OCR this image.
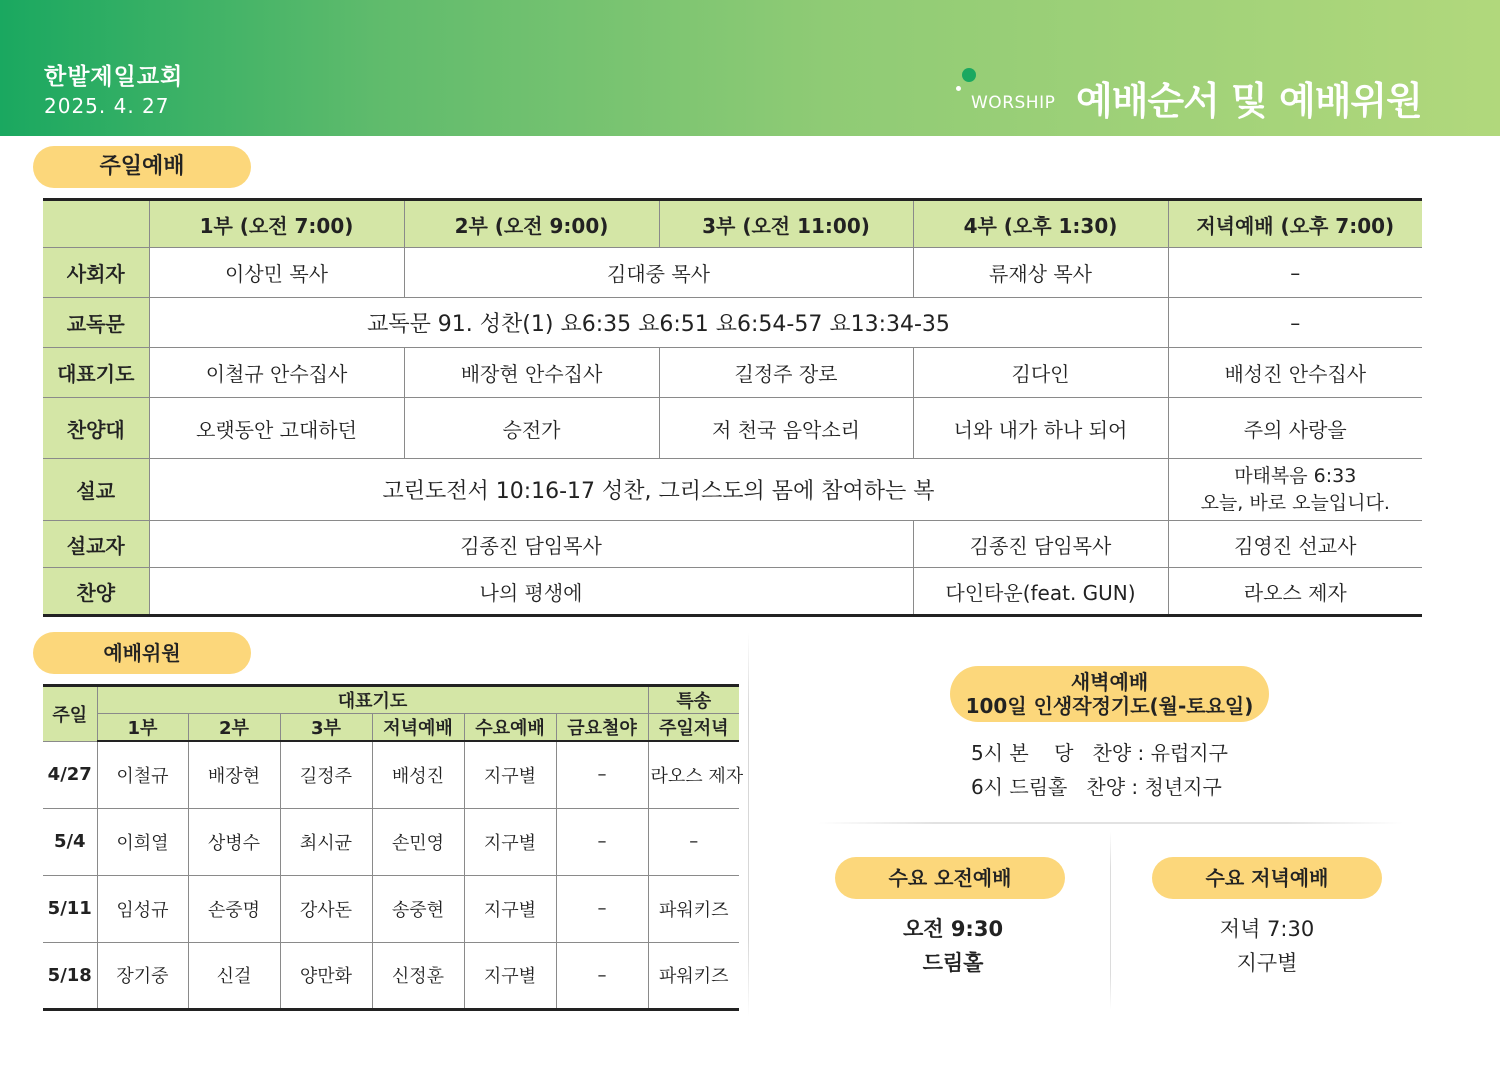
한밭제일교회
2025. 4. 27	WORSHIP 예배순서 및 예배위원
주일예배
	1부 (오전 7:00)	2부 (오전 9:00)	3부 (오전 11:00)	4부 (오후 1:30)	저녁예배 (오후 7:00)
사회자	이상민 목사	김대중 목사		류재상 목사	–
교독문	교독문 91. 성찬(1) 요6:35 요6:51 요6:54-57 요13:34-35				–
대표기도	이철규 안수집사	배장현 안수집사	길정주 장로	김다인	배성진 안수집사
찬양대	오랫동안 고대하던	승전가	저 천국 음악소리	너와 내가 하나 되어	주의 사랑을
설교	고린도전서 10:16-17 성찬, 그리스도의 몸에 참여하는 복				마태복음 6:33
오늘, 바로 오늘입니다.

설교자	김종진 담임목사			김종진 담임목사	김영진 선교사
찬양	나의 평생에			다인타운(feat. GUN)	라오스 제자
예배위원
주일	대표기도						특송
	1부	2부	3부	저녁예배	수요예배	금요철야	주일저녁
4/27	이철규	배장현	길정주	배성진	지구별	–	라오스 제자
5/4	이희열	상병수	최시균	손민영	지구별	–	–
5/11	임성규	손중명	강사돈	송중현	지구별	–	파워키즈
5/18	장기중	신걸	양만화	신정훈	지구별	–	파워키즈
새벽예배
100일 인생작정기도(월-토요일)
5시 본    당   찬양 : 유럽지구
6시 드림홀   찬양 : 청년지구
수요 오전예배
오전 9:30
드림홀
수요 저녁예배
저녁 7:30
지구별
